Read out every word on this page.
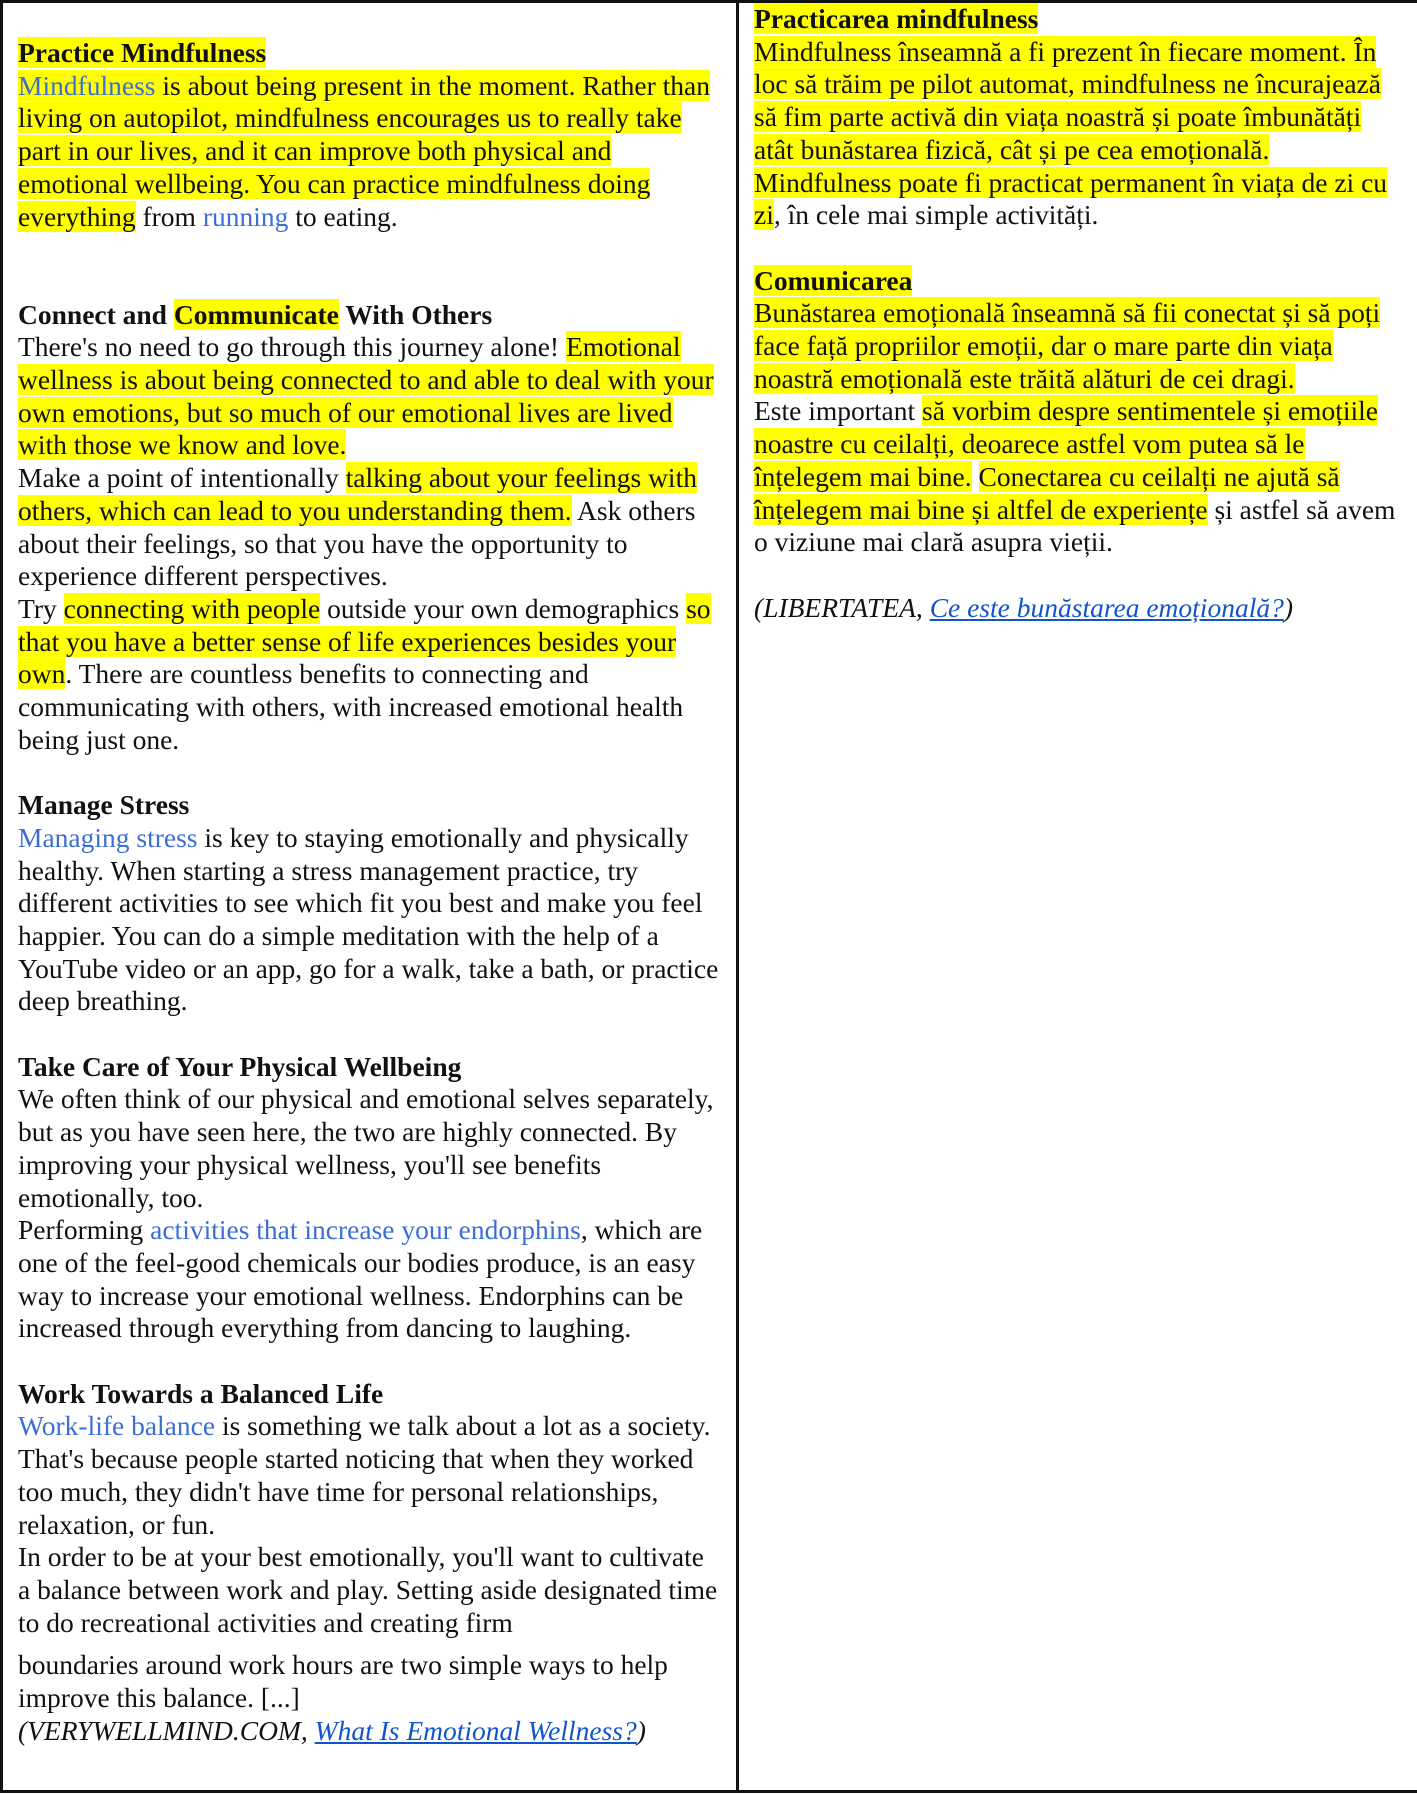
Practice Mindfulness

Mindfulness is about being present in the moment. Rather than living on autopilot, mindfulness encourages us to really take part in our lives, and it can improve both physical and emotional wellbeing. You can practice mindfulness doing everything from running to eating.

Connect and Communicate With Others

There's no need to go through this journey alone! Emotional wellness is about being connected to and able to deal with your own emotions, but so much of our emotional lives are lived with those we know and love.

Make a point of intentionally talking about your feelings with others, which can lead to you understanding them. Ask others about their feelings, so that you have the opportunity to experience different perspectives.

Try connecting with people outside your own demographics so that you have a better sense of life experiences besides your own. There are countless benefits to connecting and communicating with others, with increased emotional health being just one.

Manage Stress

Managing stress is key to staying emotionally and physically healthy. When starting a stress management practice, try different activities to see which fit you best and make you feel happier. You can do a simple meditation with the help of a YouTube video or an app, go for a walk, take a bath, or practice deep breathing.

Take Care of Your Physical Wellbeing

We often think of our physical and emotional selves separately, but as you have seen here, the two are highly connected. By improving your physical wellness, you'll see benefits emotionally, too.

Performing activities that increase your endorphins, which are one of the feel-good chemicals our bodies produce, is an easy way to increase your emotional wellness. Endorphins can be increased through everything from dancing to laughing.

Work Towards a Balanced Life

Work-life balance is something we talk about a lot as a society. That's because people started noticing that when they worked too much, they didn't have time for personal relationships, relaxation, or fun.

In order to be at your best emotionally, you'll want to cultivate a balance between work and play. Setting aside designated time to do recreational activities and creating firm

boundaries around work hours are two simple ways to help improve this balance. [...]

(VERYWELLMIND.COM, What Is Emotional Wellness?)

Practicarea mindfulness

Mindfulness înseamnă a fi prezent în fiecare moment. În loc să trăim pe pilot automat, mindfulness ne încurajează să fim parte activă din viața noastră și poate îmbunătăți atât bunăstarea fizică, cât și pe cea emoțională.

Mindfulness poate fi practicat permanent în viața de zi cu zi, în cele mai simple activități.

Comunicarea

Bunăstarea emoțională înseamnă să fii conectat și să poți face față propriilor emoții, dar o mare parte din viața noastră emoțională este trăită alături de cei dragi.

Este important să vorbim despre sentimentele și emoțiile noastre cu ceilalți, deoarece astfel vom putea să le înțelegem mai bine. Conectarea cu ceilalți ne ajută să înțelegem mai bine și altfel de experiențe și astfel să avem o viziune mai clară asupra vieții.

(LIBERTATEA, Ce este bunăstarea emoțională?)
